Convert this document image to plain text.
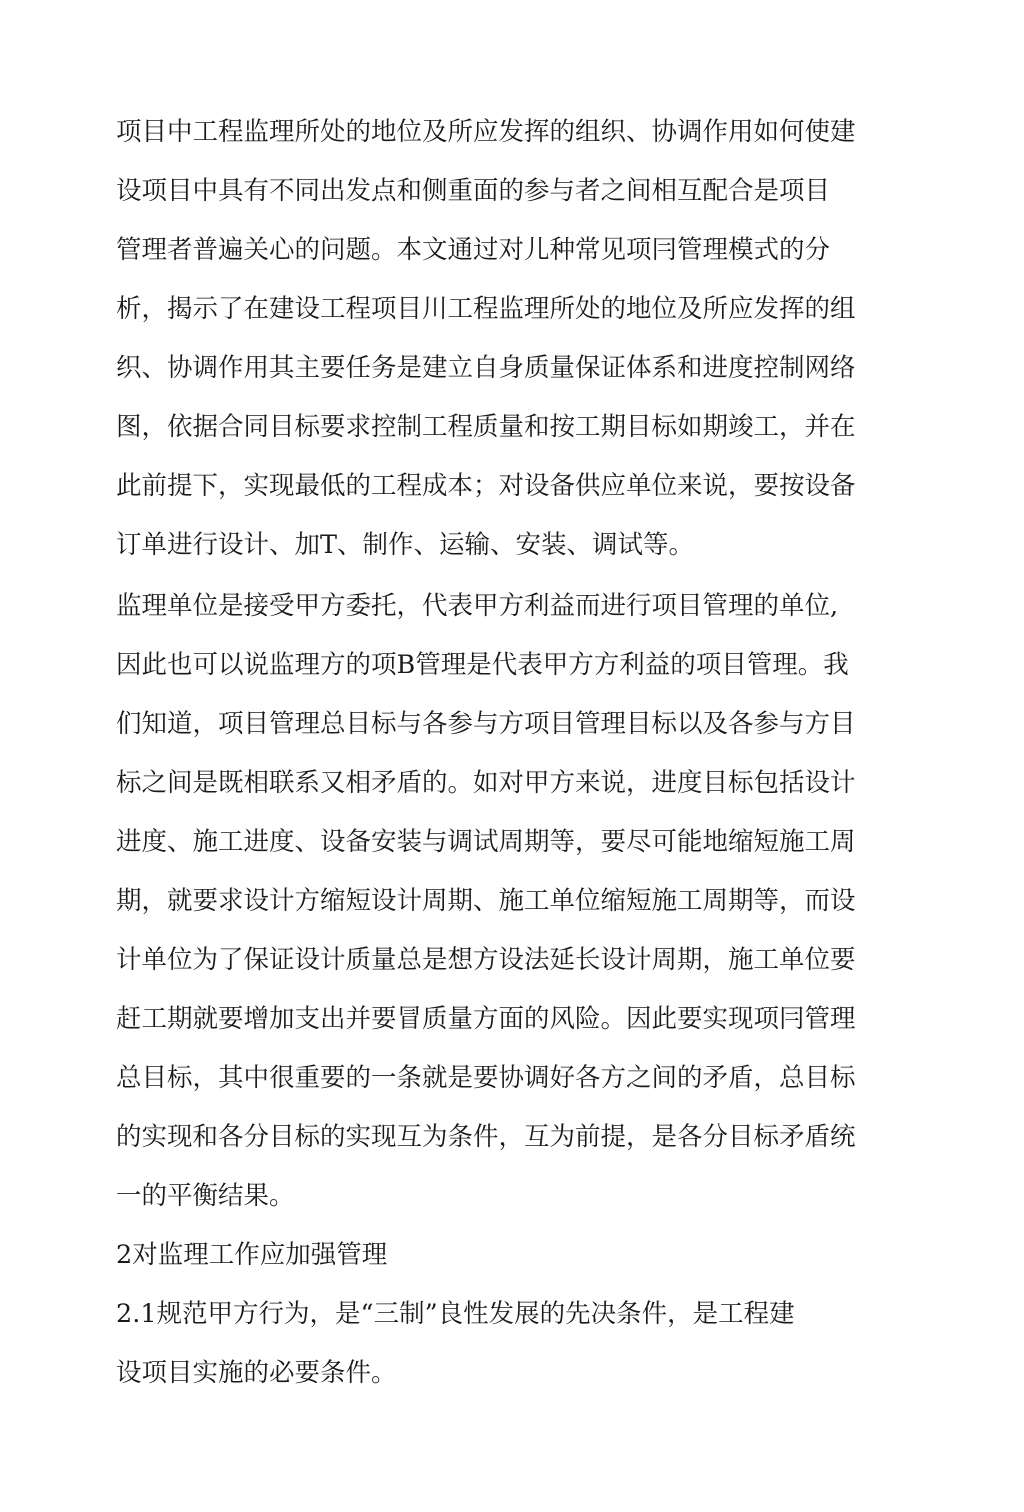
项目中工程监理所处的地位及所应发挥的组织、协调作用如何使建
设项目中具有不同出发点和侧重面的参与者之间相互配合是项目
管理者普遍关心的问题。本文通过对儿种常见项冃管理模式的分
析，揭示了在建设工程项目川工程监理所处的地位及所应发挥的组
织、协调作用其主要任务是建立自身质量保证体系和进度控制网络
图，依据合同目标要求控制工程质量和按工期目标如期竣工，并在
此前提下，实现最低的工程成本；对设备供应单位来说，要按设备
订单进行设计、加T、制作、运输、安装、调试等。
监理单位是接受甲方委托，代表甲方利益而进行项目管理的单位,
因此也可以说监理方的项B管理是代表甲方方利益的项目管理。我
们知道，项目管理总目标与各参与方项目管理目标以及各参与方目
标之间是既相联系又相矛盾的。如对甲方来说，进度目标包括设计
进度、施工进度、设备安装与调试周期等，要尽可能地缩短施工周
期，就要求设计方缩短设计周期、施工单位缩短施工周期等，而设
计单位为了保证设计质量总是想方设法延长设计周期，施工单位要
赶工期就要增加支出并要冒质量方面的风险。因此要实现项冃管理
总目标，其中很重要的一条就是要协调好各方之间的矛盾，总目标
的实现和各分目标的实现互为条件，互为前提，是各分目标矛盾统
一的平衡结果。
2对监理工作应加强管理
2.1规范甲方行为，是“三制”良性发展的先决条件，是工程建
设项目实施的必要条件。
